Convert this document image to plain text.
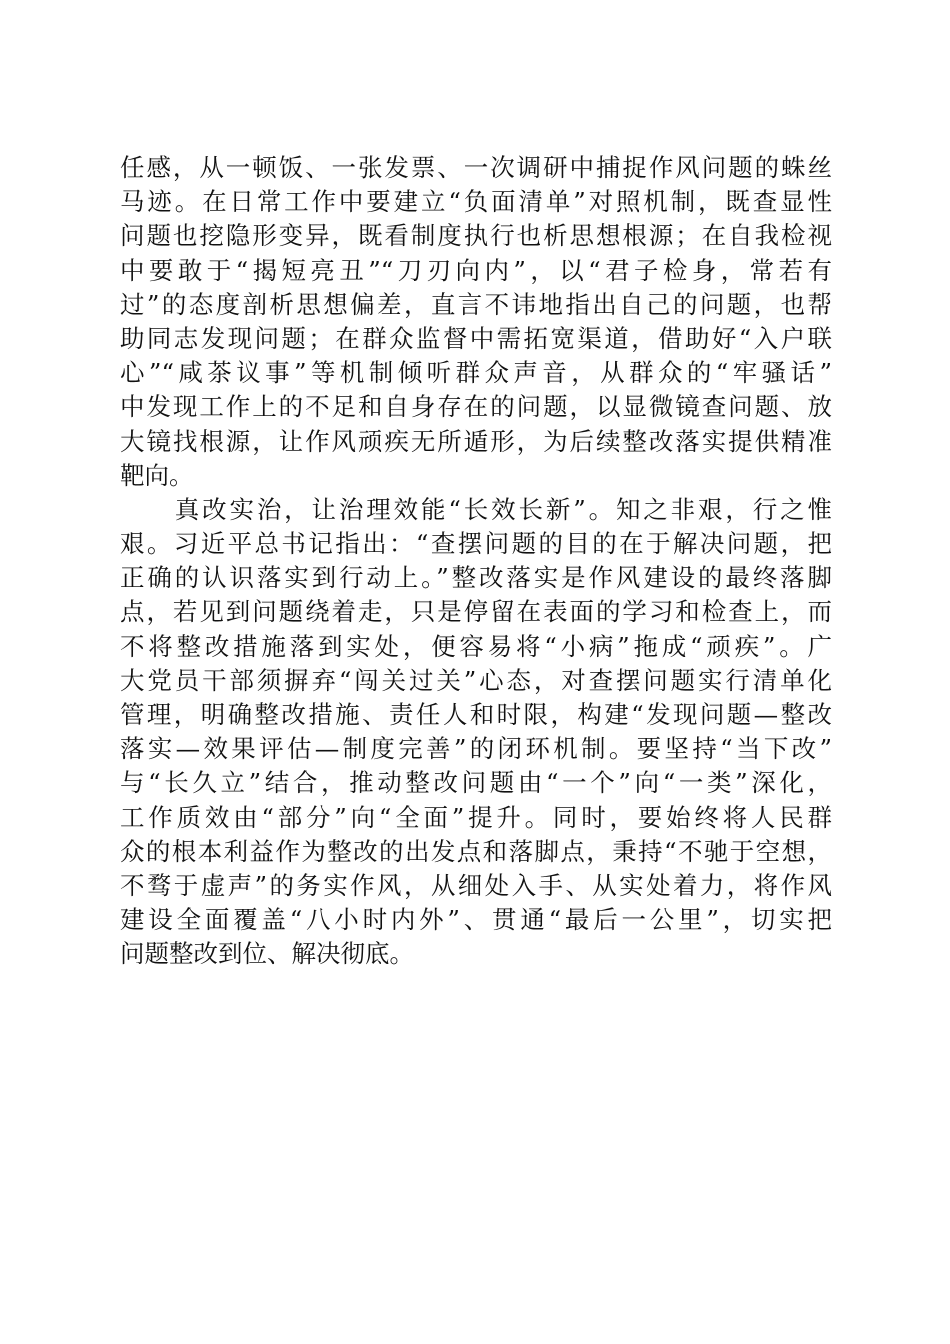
任感，从一顿饭、一张发票、一次调研中捕捉作风问题的蛛丝
马迹。在日常工作中要建立“负面清单”对照机制，既查显性
问题也挖隐形变异，既看制度执行也析思想根源；在自我检视
中要敢于“揭短亮丑”“刀刃向内”，以“君子检身，常若有
过”的态度剖析思想偏差，直言不讳地指出自己的问题，也帮
助同志发现问题；在群众监督中需拓宽渠道，借助好“入户联
心”“咸茶议事”等机制倾听群众声音，从群众的“牢骚话”
中发现工作上的不足和自身存在的问题，以显微镜查问题、放
大镜找根源，让作风顽疾无所遁形，为后续整改落实提供精准
靶向。
　　真改实治，让治理效能“长效长新”。知之非艰，行之惟
艰。习近平总书记指出：“查摆问题的目的在于解决问题，把
正确的认识落实到行动上。”整改落实是作风建设的最终落脚
点，若见到问题绕着走，只是停留在表面的学习和检查上，而
不将整改措施落到实处，便容易将“小病”拖成“顽疾”。广
大党员干部须摒弃“闯关过关”心态，对查摆问题实行清单化
管理，明确整改措施、责任人和时限，构建“发现问题—整改
落实—效果评估—制度完善”的闭环机制。要坚持“当下改”
与“长久立”结合，推动整改问题由“一个”向“一类”深化，
工作质效由“部分”向“全面”提升。同时，要始终将人民群
众的根本利益作为整改的出发点和落脚点，秉持“不驰于空想，
不骛于虚声”的务实作风，从细处入手、从实处着力，将作风
建设全面覆盖“八小时内外”、贯通“最后一公里”，切实把
问题整改到位、解决彻底。
